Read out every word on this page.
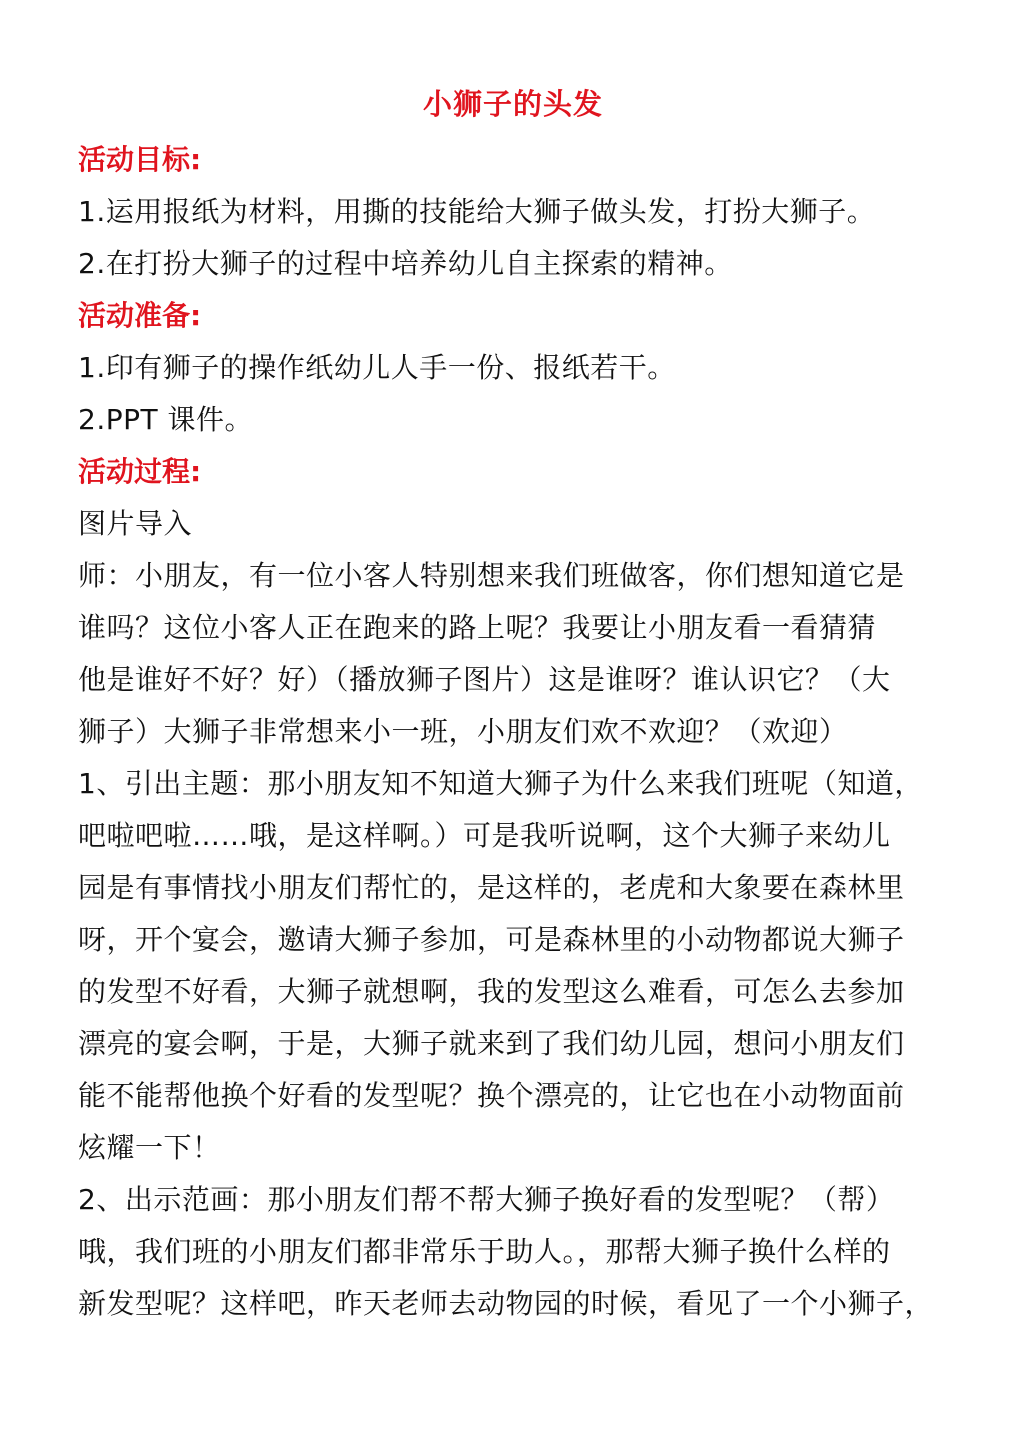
小狮子的头发

活动目标:

1.运用报纸为材料，用撕的技能给大狮子做头发，打扮大狮子。

2.在打扮大狮子的过程中培养幼儿自主探索的精神。

活动准备:

1.印有狮子的操作纸幼儿人手一份、报纸若干。

2.PPT 课件。

活动过程:

图片导入

师：小朋友，有一位小客人特别想来我们班做客，你们想知道它是

谁吗？这位小客人正在跑来的路上呢？我要让小朋友看一看猜猜

他是谁好不好？好）（播放狮子图片）这是谁呀？谁认识它？（大

狮子）大狮子非常想来小一班，小朋友们欢不欢迎？（欢迎）

1、引出主题：那小朋友知不知道大狮子为什么来我们班呢（知道，

吧啦吧啦……哦，是这样啊。）可是我听说啊，这个大狮子来幼儿

园是有事情找小朋友们帮忙的，是这样的，老虎和大象要在森林里

呀，开个宴会，邀请大狮子参加，可是森林里的小动物都说大狮子

的发型不好看，大狮子就想啊，我的发型这么难看，可怎么去参加

漂亮的宴会啊，于是，大狮子就来到了我们幼儿园，想问小朋友们

能不能帮他换个好看的发型呢？换个漂亮的，让它也在小动物面前

炫耀一下！

2、出示范画：那小朋友们帮不帮大狮子换好看的发型呢？（帮）

哦，我们班的小朋友们都非常乐于助人。，那帮大狮子换什么样的

新发型呢？这样吧，昨天老师去动物园的时候，看见了一个小狮子，
